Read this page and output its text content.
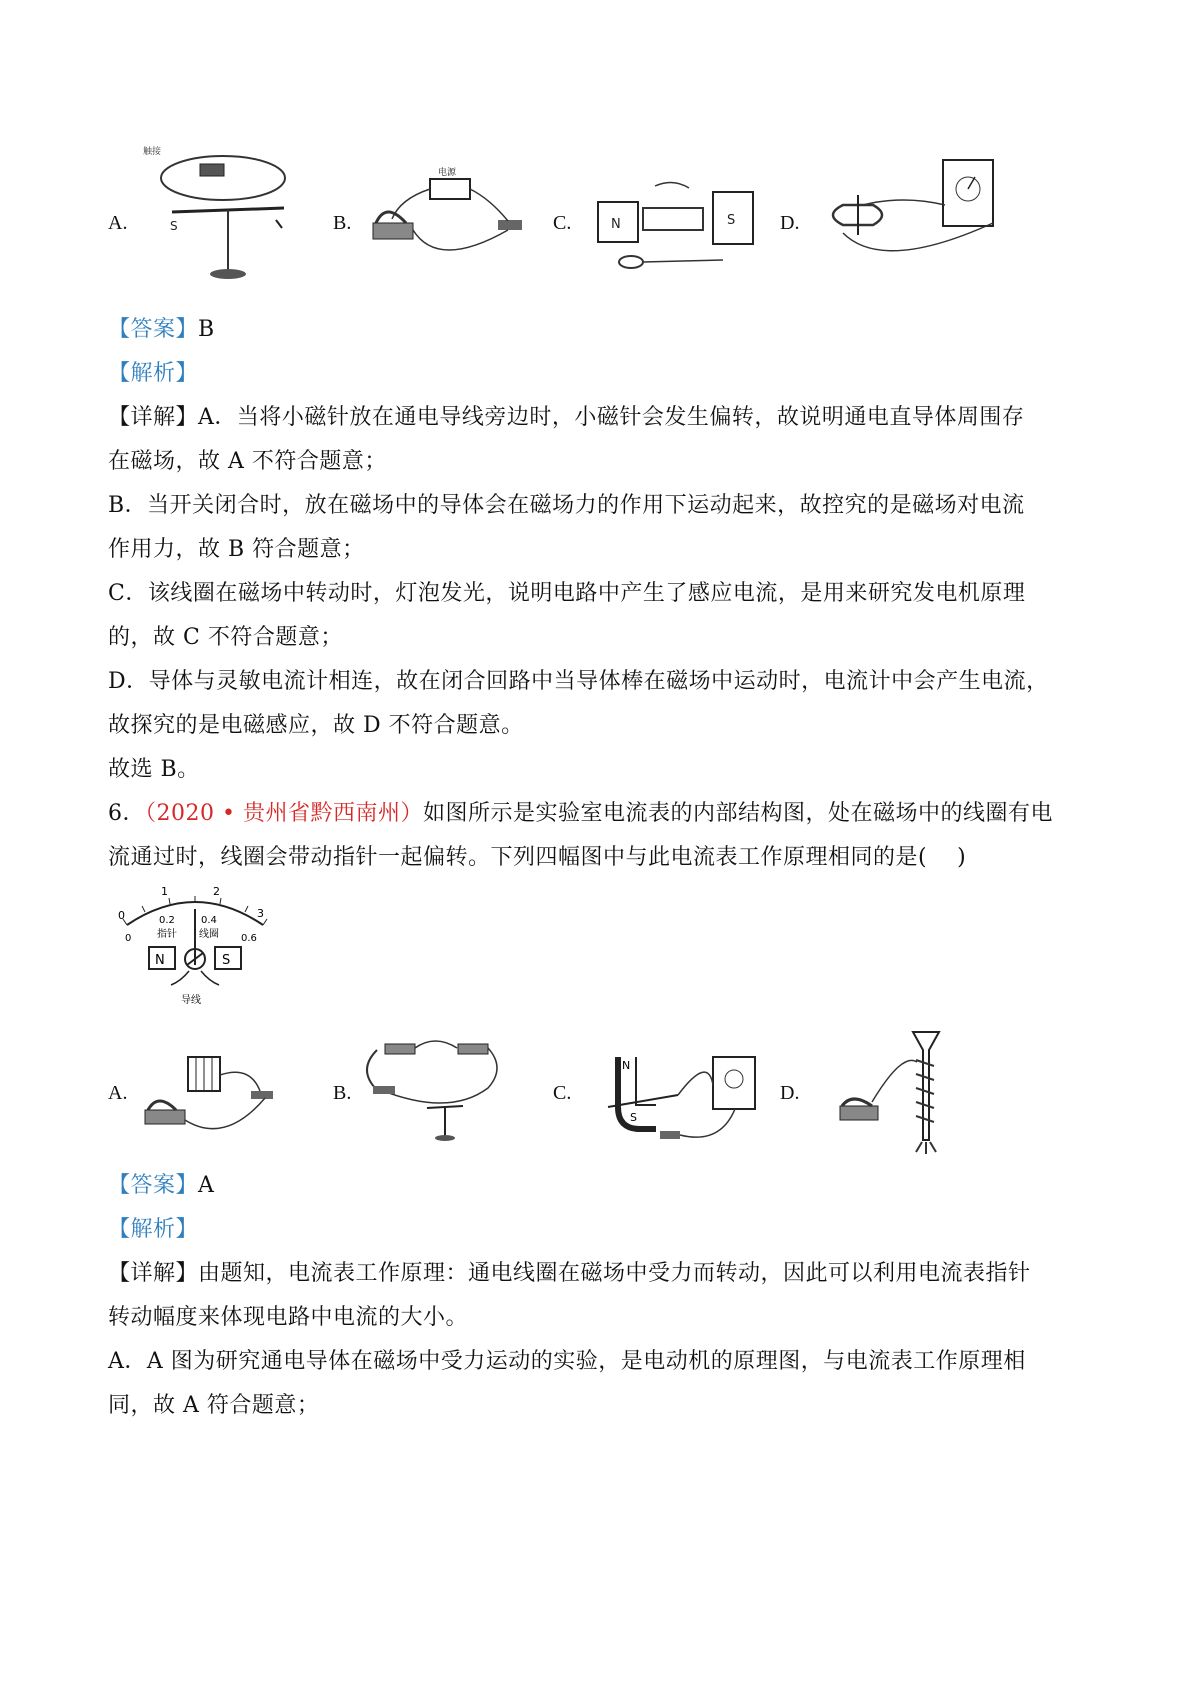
A.
触接
S	B.
电源
C.	N	S D.
【答案】B
【解析】
【详解】A．当将小磁针放在通电导线旁边时，小磁针会发生偏转，故说明通电直导体周围存
在磁场，故 A 不符合题意；
B．当开关闭合时，放在磁场中的导体会在磁场力的作用下运动起来，故控究的是磁场对电流
作用力，故 B 符合题意；
C．该线圈在磁场中转动时，灯泡发光，说明电路中产生了感应电流，是用来研究发电机原理
的，故 C 不符合题意；
D．导体与灵敏电流计相连，故在闭合回路中当导体棒在磁场中运动时，电流计中会产生电流，
故探究的是电磁感应，故 D 不符合题意。
故选 B。
6．（2020 • 贵州省黔西南州）如图所示是实验室电流表的内部结构图，处在磁场中的线圈有电
流通过时，线圈会带动指针一起偏转。下列四幅图中与此电流表工作原理相同的是(　 )
0
1	2
3
0
0.2	0.4
0.6
指针 线圈
N	S
导线
A.	B.	C.
N
S
D.
【答案】A
【解析】
【详解】由题知，电流表工作原理：通电线圈在磁场中受力而转动，因此可以利用电流表指针
转动幅度来体现电路中电流的大小。
A．A 图为研究通电导体在磁场中受力运动的实验，是电动机的原理图，与电流表工作原理相
同，故 A 符合题意；
